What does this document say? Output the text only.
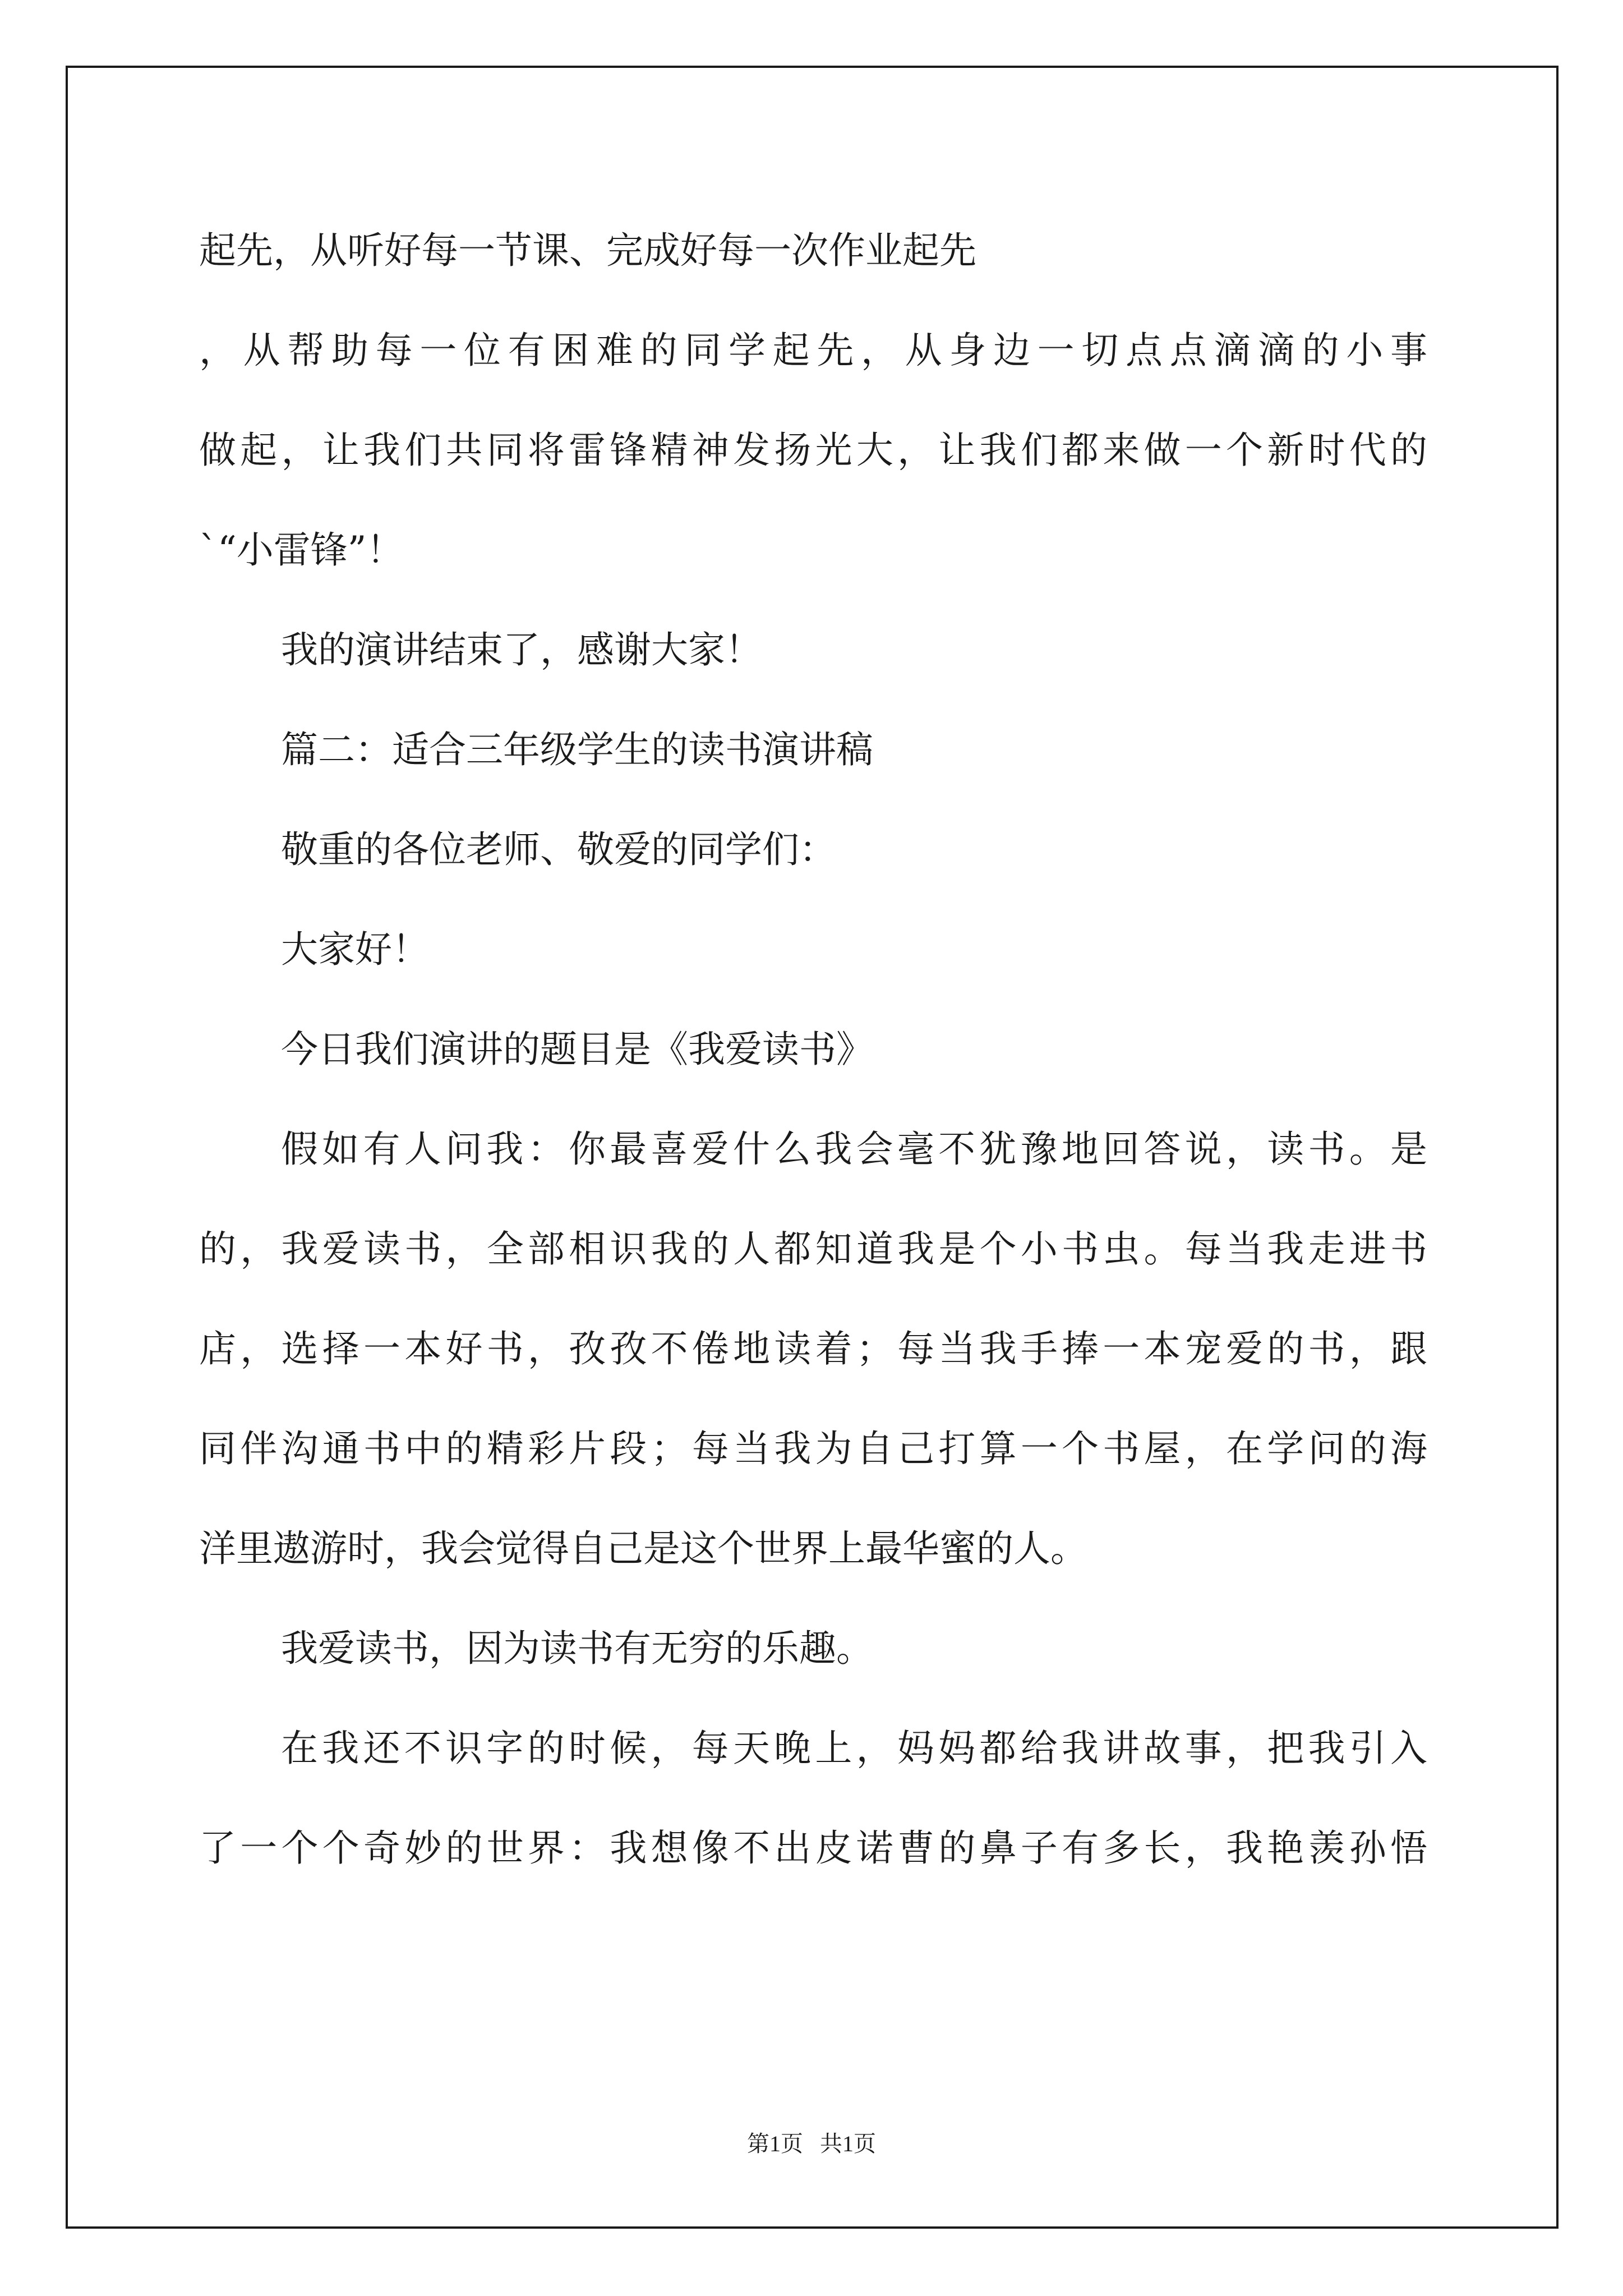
起先，从听好每一节课、完成好每一次作业起先

，从帮助每一位有困难的同学起先，从身边一切点点滴滴的小事

做起，让我们共同将雷锋精神发扬光大，让我们都来做一个新时代的

`“小雷锋”！

我的演讲结束了，感谢大家！

篇二：适合三年级学生的读书演讲稿

敬重的各位老师、敬爱的同学们：

大家好！

今日我们演讲的题目是《我爱读书》

假如有人问我：你最喜爱什么我会毫不犹豫地回答说，读书。是

的，我爱读书，全部相识我的人都知道我是个小书虫。每当我走进书

店，选择一本好书，孜孜不倦地读着；每当我手捧一本宠爱的书，跟

同伴沟通书中的精彩片段；每当我为自己打算一个书屋，在学问的海

洋里遨游时，我会觉得自己是这个世界上最华蜜的人。

我爱读书，因为读书有无穷的乐趣。

在我还不识字的时候，每天晚上，妈妈都给我讲故事，把我引入

了一个个奇妙的世界：我想像不出皮诺曹的鼻子有多长，我艳羡孙悟

第1页   共1页
